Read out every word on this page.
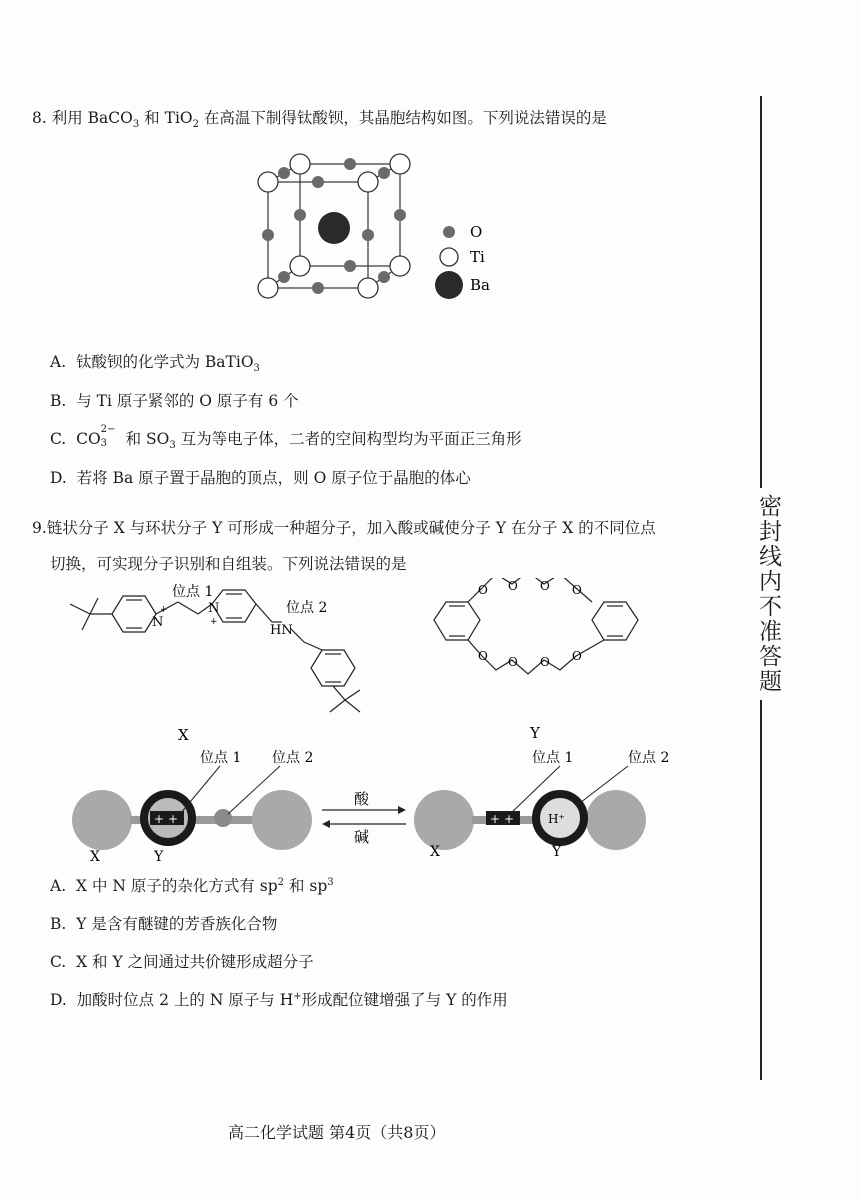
密封线内不准答题
8. 利用 BaCO$_3$ 和 TiO$_2$ 在高温下制得钛酸钡，其晶胞结构如图。下列说法错误的是
O
Ti
Ba
A. 钛酸钡的化学式为 BaTiO$_3$
B. 与 Ti 原子紧邻的 O 原子有 6 个
C. CO
2−
3 和 $SO_3$ 互为等电子体，二者的空间构型均为平面正三角形
D. 若将 Ba 原子置于晶胞的顶点，则 O 原子位于晶胞的体心
9.链状分子 X 与环状分子 Y 可形成一种超分子，加入酸或碱使分子 Y 在分子 X 的不同位点
切换，可实现分子识别和自组装。下列说法错误的是
N
+	N
+
位点 1
位点 2
HN
X
O O O O
O O O O
Y
+ +
位点 1 位点 2
X	Y
酸
碱
+ +	H⁺
位点 1	位点 2
X	Y
A. X 中 N 原子的杂化方式有 $sp^2$ 和 $sp^3$
B. Y 是含有醚键的芳香族化合物
C. X 和 Y 之间通过共价键形成超分子
D. 加酸时位点 2 上的 N 原子与 H+形成配位键增强了与 Y 的作用
高二化学试题 第4页（共8页）
